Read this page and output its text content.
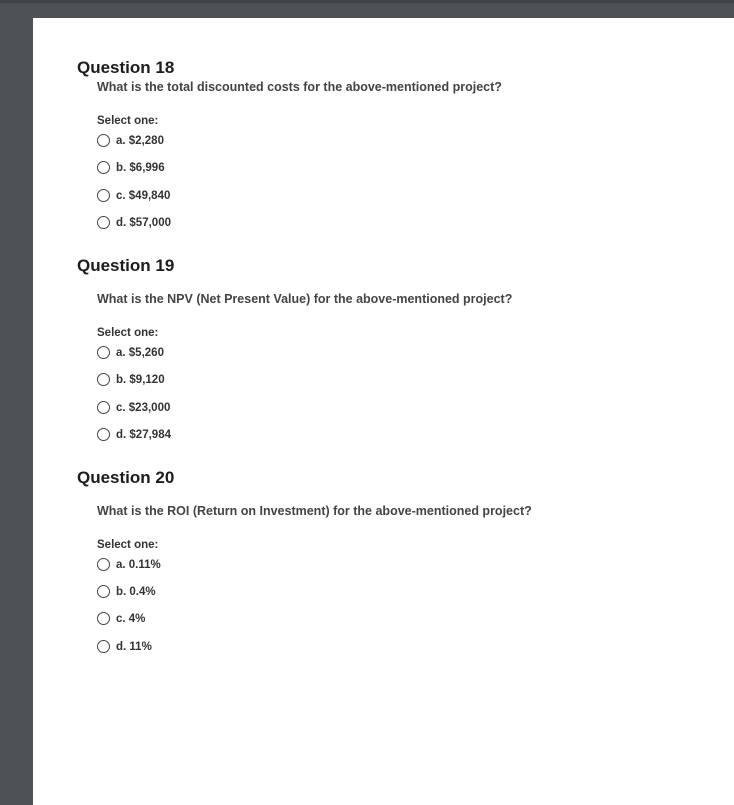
Question 18
What is the total discounted costs for the above-mentioned project?
Select one:
a. $2,280
b. $6,996
c. $49,840
d. $57,000
Question 19
What is the NPV (Net Present Value) for the above-mentioned project?
Select one:
a. $5,260
b. $9,120
c. $23,000
d. $27,984
Question 20
What is the ROI (Return on Investment) for the above-mentioned project?
Select one:
a. 0.11%
b. 0.4%
c. 4%
d. 11%
